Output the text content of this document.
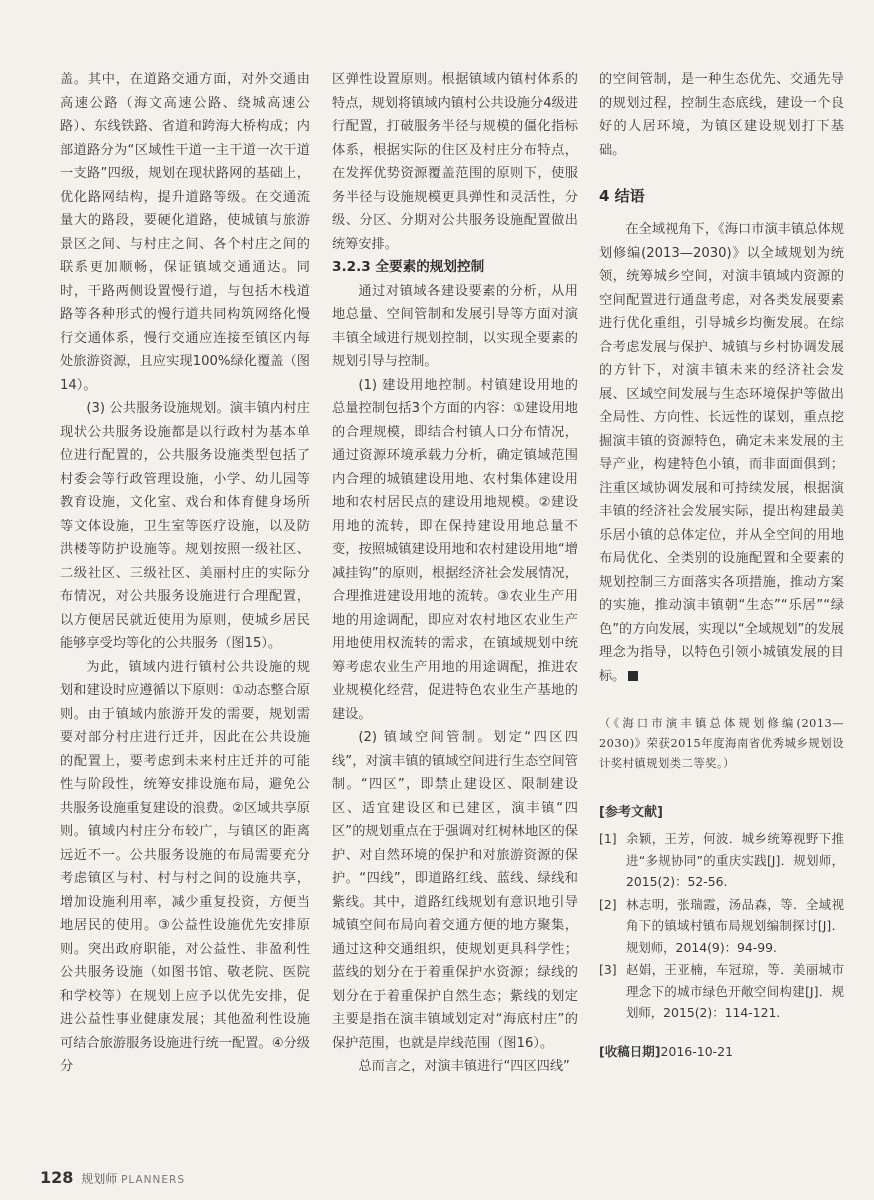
盖。其中，在道路交通方面，对外交通由高速公路（海文高速公路、绕城高速公路）、东线铁路、省道和跨海大桥构成；内部道路分为“区域性干道一主干道一次干道一支路”四级，规划在现状路网的基础上，优化路网结构，提升道路等级。在交通流量大的路段，要硬化道路，使城镇与旅游景区之间、与村庄之间、各个村庄之间的联系更加顺畅，保证镇域交通通达。同时，干路两侧设置慢行道，与包括木栈道路等各种形式的慢行道共同构筑网络化慢行交通体系，慢行交通应连接至镇区内每处旅游资源，且应实现100%绿化覆盖（图14）。

(3) 公共服务设施规划。演丰镇内村庄现状公共服务设施都是以行政村为基本单位进行配置的，公共服务设施类型包括了村委会等行政管理设施，小学、幼儿园等教育设施，文化室、戏台和体育健身场所等文体设施，卫生室等医疗设施，以及防洪楼等防护设施等。规划按照一级社区、二级社区、三级社区、美丽村庄的实际分布情况，对公共服务设施进行合理配置，以方便居民就近使用为原则，使城乡居民能够享受均等化的公共服务（图15）。

为此，镇域内进行镇村公共设施的规划和建设时应遵循以下原则：①动态整合原则。由于镇域内旅游开发的需要，规划需要对部分村庄进行迁并，因此在公共设施的配置上，要考虑到未来村庄迁并的可能性与阶段性，统筹安排设施布局，避免公共服务设施重复建设的浪费。②区域共享原则。镇域内村庄分布较广，与镇区的距离远近不一。公共服务设施的布局需要充分考虑镇区与村、村与村之间的设施共享，增加设施利用率，减少重复投资，方便当地居民的使用。③公益性设施优先安排原则。突出政府职能，对公益性、非盈利性公共服务设施（如图书馆、敬老院、医院和学校等）在规划上应予以优先安排，促进公益性事业健康发展；其他盈利性设施可结合旅游服务设施进行统一配置。④分级分

区弹性设置原则。根据镇域内镇村体系的特点，规划将镇域内镇村公共设施分4级进行配置，打破服务半径与规模的僵化指标体系，根据实际的住区及村庄分布特点，在发挥优势资源覆盖范围的原则下，使服务半径与设施规模更具弹性和灵活性，分级、分区、分期对公共服务设施配置做出统筹安排。

3.2.3 全要素的规划控制

通过对镇域各建设要素的分析，从用地总量、空间管制和发展引导等方面对演丰镇全域进行规划控制，以实现全要素的规划引导与控制。

(1) 建设用地控制。村镇建设用地的总量控制包括3个方面的内容：①建设用地的合理规模，即结合村镇人口分布情况，通过资源环境承载力分析，确定镇域范围内合理的城镇建设用地、农村集体建设用地和农村居民点的建设用地规模。②建设用地的流转，即在保持建设用地总量不变，按照城镇建设用地和农村建设用地“增减挂钩”的原则，根据经济社会发展情况，合理推进建设用地的流转。③农业生产用地的用途调配，即应对农村地区农业生产用地使用权流转的需求，在镇域规划中统筹考虑农业生产用地的用途调配，推进农业规模化经营，促进特色农业生产基地的建设。

(2) 镇域空间管制。划定“四区四线”，对演丰镇的镇域空间进行生态空间管制。“四区”，即禁止建设区、限制建设区、适宜建设区和已建区，演丰镇“四区”的规划重点在于强调对红树林地区的保护、对自然环境的保护和对旅游资源的保护。“四线”，即道路红线、蓝线、绿线和紫线。其中，道路红线规划有意识地引导城镇空间布局向着交通方便的地方聚集，通过这种交通组织，使规划更具科学性；蓝线的划分在于着重保护水资源；绿线的划分在于着重保护自然生态；紫线的划定主要是指在演丰镇域划定对“海底村庄”的保护范围，也就是岸线范围（图16）。

总而言之，对演丰镇进行“四区四线”

的空间管制，是一种生态优先、交通先导的规划过程，控制生态底线，建设一个良好的人居环境，为镇区建设规划打下基础。

4 结语

在全域视角下，《海口市演丰镇总体规划修编(2013—2030)》以全域规划为统领，统筹城乡空间，对演丰镇域内资源的空间配置进行通盘考虑，对各类发展要素进行优化重组，引导城乡均衡发展。在综合考虑发展与保护、城镇与乡村协调发展的方针下，对演丰镇未来的经济社会发展、区域空间发展与生态环境保护等做出全局性、方向性、长远性的谋划，重点挖掘演丰镇的资源特色，确定未来发展的主导产业，构建特色小镇，而非面面俱到；注重区域协调发展和可持续发展，根据演丰镇的经济社会发展实际，提出构建最美乐居小镇的总体定位，并从全空间的用地布局优化、全类别的设施配置和全要素的规划控制三方面落实各项措施，推动方案的实施，推动演丰镇朝“生态”“乐居”“绿色”的方向发展，实现以“全域规划”的发展理念为指导，以特色引领小城镇发展的目标。	P

（《海口市演丰镇总体规划修编(2013—2030)》荣获2015年度海南省优秀城乡规划设计奖村镇规划类二等奖。）

[参考文献]
[1] 余颖，王芳，何波．城乡统筹视野下推进“多规协同”的重庆实践[J]．规划师，2015(2)：52-56.
[2] 林志明，张瑞霞，汤品森，等．全域视角下的镇域村镇布局规划编制探讨[J]．规划师，2014(9)：94-99.
[3] 赵娟，王亚楠，车冠琼，等．美丽城市理念下的城市绿色开敞空间构建[J]．规划师，2015(2)：114-121.
[收稿日期]2016-10-21
128 规划师 PLANNERS
